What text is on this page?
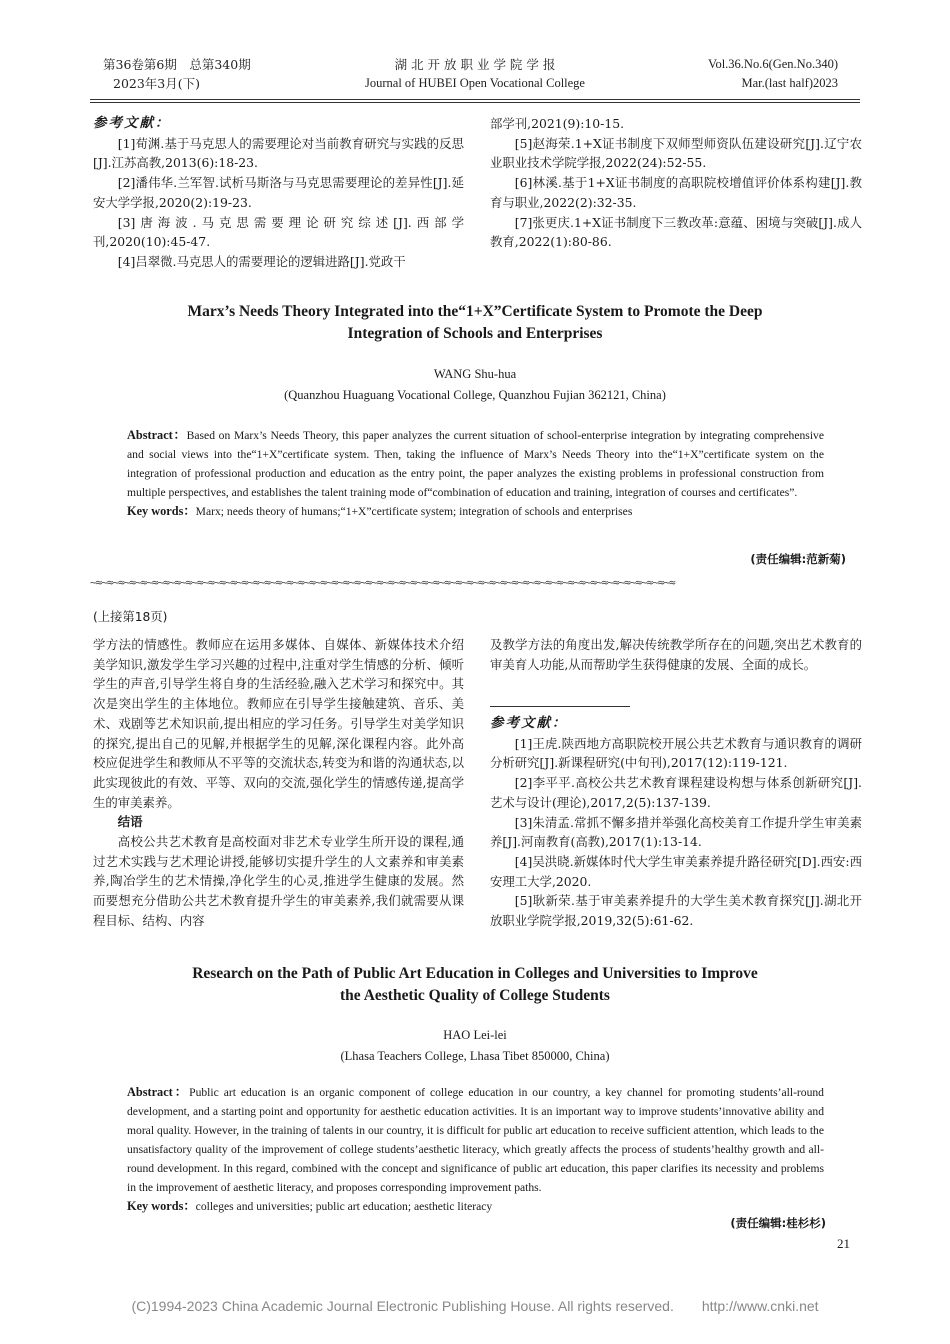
第36卷第6期　总第340期
2023年3月(下)
湖 北 开 放 职 业 学 院 学 报
Journal of HUBEI Open Vocational College
Vol.36.No.6(Gen.No.340)
Mar.(last half)2023

参考文献：

[1]荀渊.基于马克思人的需要理论对当前教育研究与实践的反思[J].江苏高教,2013(6):18-23.

[2]潘伟华.兰军智.试析马斯洛与马克思需要理论的差异性[J].延安大学学报,2020(2):19-23.

[3]唐海波.马克思需要理论研究综述[J].西部学刊,2020(10):45-47.

[4]吕翠微.马克思人的需要理论的逻辑进路[J].党政干

部学刊,2021(9):10-15.

[5]赵海荣.1+X证书制度下双师型师资队伍建设研究[J].辽宁农业职业技术学院学报,2022(24):52-55.

[6]林溪.基于1+X证书制度的高职院校增值评价体系构建[J].教育与职业,2022(2):32-35.

[7]张更庆.1+X证书制度下三教改革:意蕴、困境与突破[J].成人教育,2022(1):80-86.

Marx’s Needs Theory Integrated into the“1+X”Certificate System to Promote the Deep
Integration of Schools and Enterprises
WANG Shu-hua
(Quanzhou Huaguang Vocational College, Quanzhou Fujian 362121, China)
Abstract：Based on Marx’s Needs Theory, this paper analyzes the current situation of school-enterprise integration by integrating comprehensive and social views into the“1+X”certificate system. Then, taking the influence of Marx’s Needs Theory into the“1+X”certificate system on the integration of professional production and education as the entry point, the paper analyzes the existing problems in professional construction from multiple perspectives, and establishes the talent training mode of“combination of education and training, integration of courses and certificates”.
Key words：Marx; needs theory of humans;“1+X”certificate system; integration of schools and enterprises
(责任编辑:范新菊)
~≈~≈~≈~≈~≈~≈~≈~≈~≈~≈~≈~≈~≈~≈~≈~≈~≈~≈~≈~≈~≈~≈~≈~≈~≈~≈~≈~≈~≈~≈~≈~≈~≈~≈~≈~≈~≈~≈~≈~≈~≈~≈~≈~≈~≈~≈~≈~≈~≈~≈~≈~≈
(上接第18页)

学方法的情感性。教师应在运用多媒体、自媒体、新媒体技术介绍美学知识,激发学生学习兴趣的过程中,注重对学生情感的分析、倾听学生的声音,引导学生将自身的生活经验,融入艺术学习和探究中。其次是突出学生的主体地位。教师应在引导学生接触建筑、音乐、美术、戏剧等艺术知识前,提出相应的学习任务。引导学生对美学知识的探究,提出自己的见解,并根据学生的见解,深化课程内容。此外高校应促进学生和教师从不平等的交流状态,转变为和谐的沟通状态,以此实现彼此的有效、平等、双向的交流,强化学生的情感传递,提高学生的审美素养。

结语

高校公共艺术教育是高校面对非艺术专业学生所开设的课程,通过艺术实践与艺术理论讲授,能够切实提升学生的人文素养和审美素养,陶冶学生的艺术情操,净化学生的心灵,推进学生健康的发展。然而要想充分借助公共艺术教育提升学生的审美素养,我们就需要从课程目标、结构、内容

及教学方法的角度出发,解决传统教学所存在的问题,突出艺术教育的审美育人功能,从而帮助学生获得健康的发展、全面的成长。

参考文献：

[1]王虎.陕西地方高职院校开展公共艺术教育与通识教育的调研分析研究[J].新课程研究(中旬刊),2017(12):119-121.

[2]李平平.高校公共艺术教育课程建设构想与体系创新研究[J].艺术与设计(理论),2017,2(5):137-139.

[3]朱清孟.常抓不懈多措并举强化高校美育工作提升学生审美素养[J].河南教育(高教),2017(1):13-14.

[4]吴洪晓.新媒体时代大学生审美素养提升路径研究[D].西安:西安理工大学,2020.

[5]耿新荣.基于审美素养提升的大学生美术教育探究[J].湖北开放职业学院学报,2019,32(5):61-62.

Research on the Path of Public Art Education in Colleges and Universities to Improve
the Aesthetic Quality of College Students
HAO Lei-lei
(Lhasa Teachers College, Lhasa Tibet 850000, China)
Abstract：Public art education is an organic component of college education in our country, a key channel for promoting students’all-round development, and a starting point and opportunity for aesthetic education activities. It is an important way to improve students’innovative ability and moral quality. However, in the training of talents in our country, it is difficult for public art education to receive sufficient attention, which leads to the unsatisfactory quality of the improvement of college students’aesthetic literacy, which greatly affects the process of students’healthy growth and all-round development. In this regard, combined with the concept and significance of public art education, this paper clarifies its necessity and problems in the improvement of aesthetic literacy, and proposes corresponding improvement paths.
Key words：colleges and universities; public art education; aesthetic literacy
(责任编辑:桂杉杉)
21
(C)1994-2023 China Academic Journal Electronic Publishing House. All rights reserved.　　http://www.cnki.net
